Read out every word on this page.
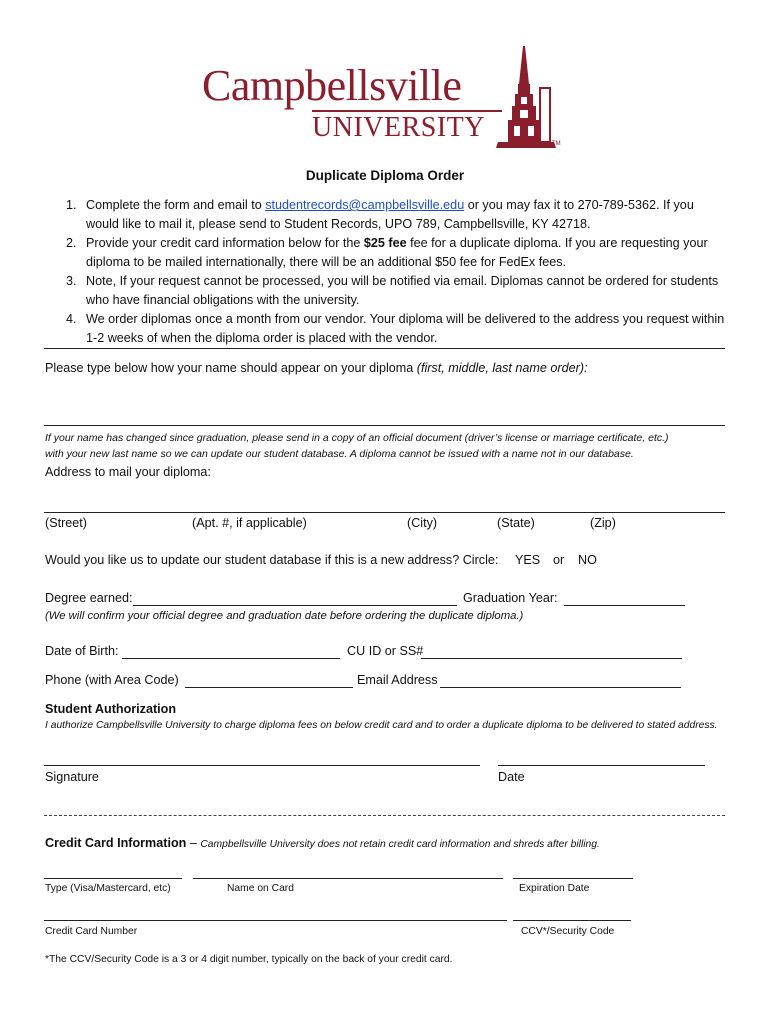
Campbellsville
UNIVERSITY
TM
Duplicate Diploma Order
1. Complete the form and email to studentrecords@campbellsville.edu or you may fax it to 270-789-5362. If you would like to mail it, please send to Student Records, UPO 789, Campbellsville, KY 42718.
2. Provide your credit card information below for the $25 fee fee for a duplicate diploma. If you are requesting your diploma to be mailed internationally, there will be an additional $50 fee for FedEx fees.
3. Note, If your request cannot be processed, you will be notified via email. Diplomas cannot be ordered for students who have financial obligations with the university.
4. We order diplomas once a month from our vendor. Your diploma will be delivered to the address you request within 1-2 weeks of when the diploma order is placed with the vendor.
Please type below how your name should appear on your diploma (first, middle, last name order):
If your name has changed since graduation, please send in a copy of an official document (driver’s license or marriage certificate, etc.)
with your new last name so we can update our student database. A diploma cannot be issued with a name not in our database.
Address to mail your diploma:
(Street)	(Apt. #, if applicable)	(City)	(State)	(Zip)
Would you like us to update our student database if this is a new address? Circle: YES or NO
Degree earned:	Graduation Year:
(We will confirm your official degree and graduation date before ordering the duplicate diploma.)
Date of Birth:	CU ID or SS#
Phone (with Area Code)	Email Address
Student Authorization
I authorize Campbellsville University to charge diploma fees on below credit card and to order a duplicate diploma to be delivered to stated address.
Signature	Date
Credit Card Information – Campbellsville University does not retain credit card information and shreds after billing.
Type (Visa/Mastercard, etc)	Name on Card	Expiration Date
Credit Card Number	CCV*/Security Code
*The CCV/Security Code is a 3 or 4 digit number, typically on the back of your credit card.
